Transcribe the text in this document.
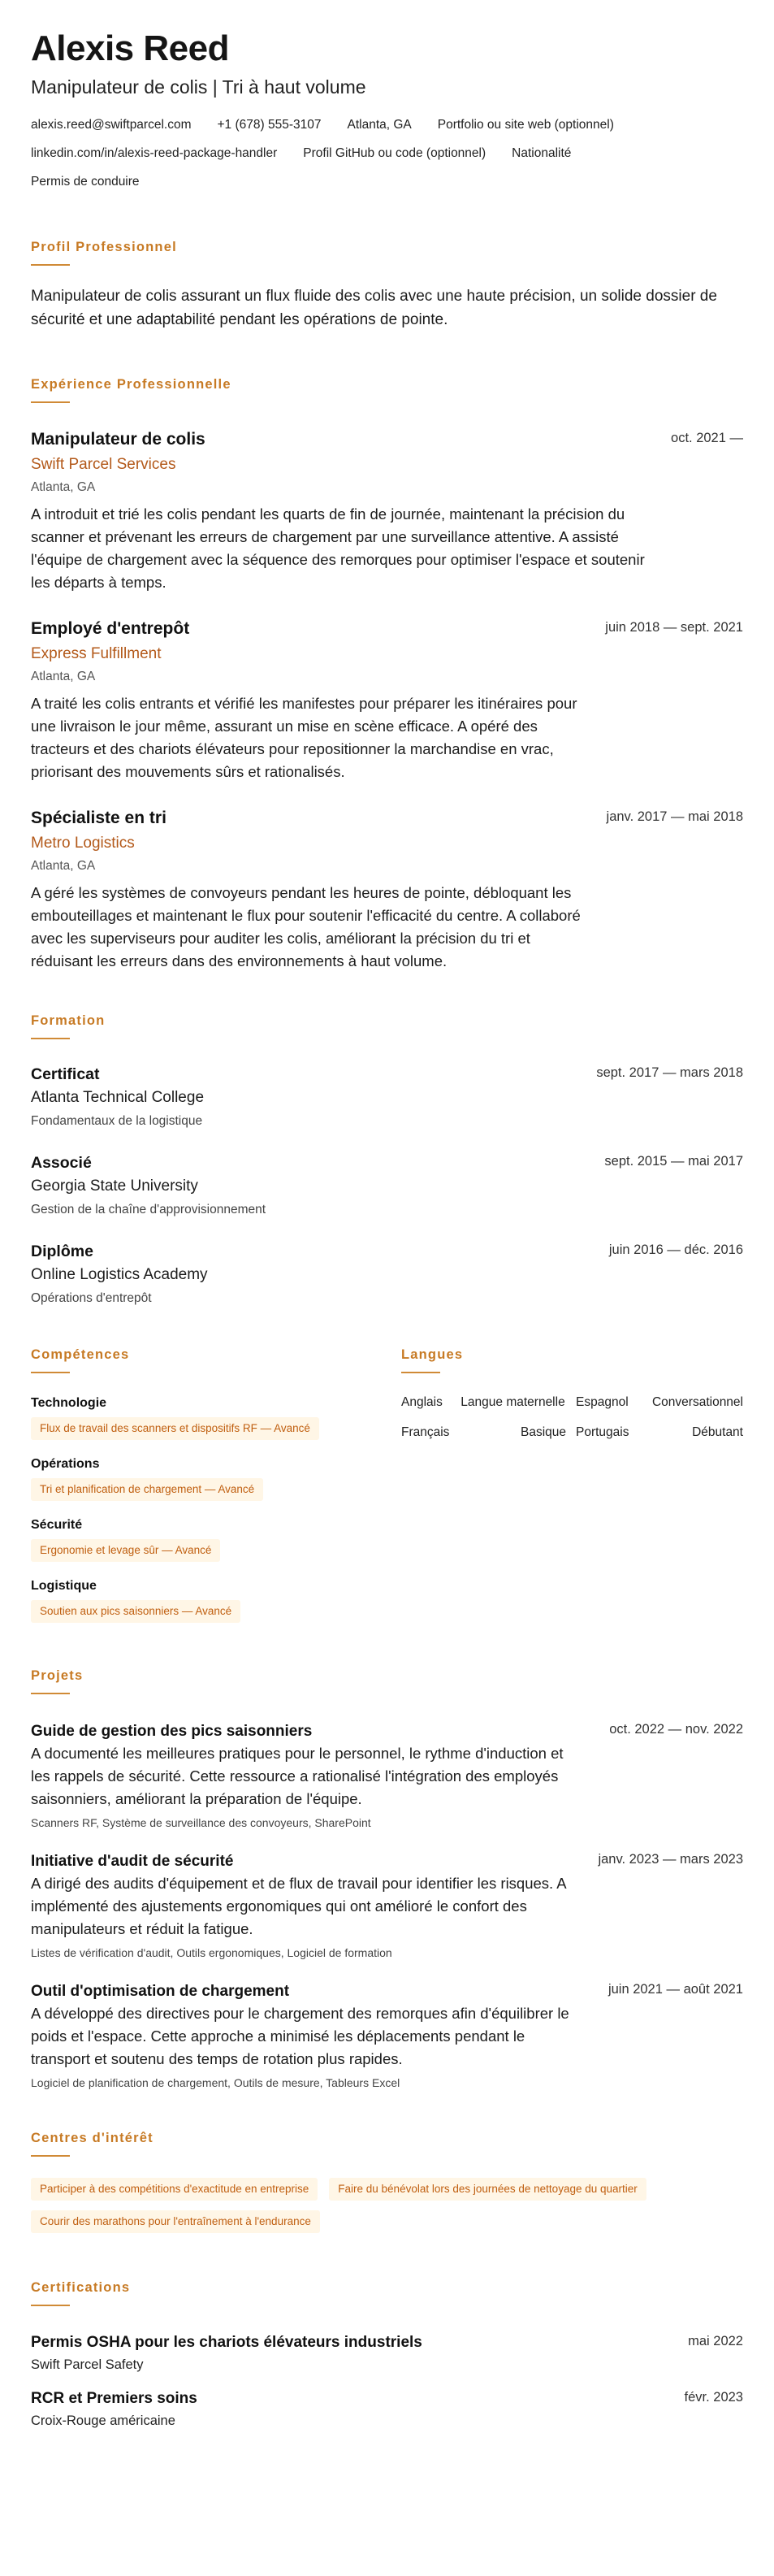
Alexis Reed
Manipulateur de colis | Tri à haut volume
alexis.reed@swiftparcel.com +1 (678) 555-3107 Atlanta, GA Portfolio ou site web (optionnel)
linkedin.com/in/alexis-reed-package-handler Profil GitHub ou code (optionnel) Nationalité
Permis de conduire
Profil Professionnel

Manipulateur de colis assurant un flux fluide des colis avec une haute précision, un solide dossier de sécurité et une adaptabilité pendant les opérations de pointe.

Expérience Professionnelle
oct. 2021 —
Manipulateur de colis
Swift Parcel Services
Atlanta, GA

A introduit et trié les colis pendant les quarts de fin de journée, maintenant la précision du scanner et prévenant les erreurs de chargement par une surveillance attentive. A assisté l'équipe de chargement avec la séquence des remorques pour optimiser l'espace et soutenir les départs à temps.

juin 2018 — sept. 2021
Employé d'entrepôt
Express Fulfillment
Atlanta, GA

A traité les colis entrants et vérifié les manifestes pour préparer les itinéraires pour une livraison le jour même, assurant un mise en scène efficace. A opéré des tracteurs et des chariots élévateurs pour repositionner la marchandise en vrac, priorisant des mouvements sûrs et rationalisés.

janv. 2017 — mai 2018
Spécialiste en tri
Metro Logistics
Atlanta, GA

A géré les systèmes de convoyeurs pendant les heures de pointe, débloquant les embouteillages et maintenant le flux pour soutenir l'efficacité du centre. A collaboré avec les superviseurs pour auditer les colis, améliorant la précision du tri et réduisant les erreurs dans des environnements à haut volume.

Formation
sept. 2017 — mars 2018
Certificat
Atlanta Technical College
Fondamentaux de la logistique
sept. 2015 — mai 2017
Associé
Georgia State University
Gestion de la chaîne d'approvisionnement
juin 2016 — déc. 2016
Diplôme
Online Logistics Academy
Opérations d'entrepôt
Compétences
Technologie
Flux de travail des scanners et dispositifs RF — Avancé
Opérations
Tri et planification de chargement — Avancé
Sécurité
Ergonomie et levage sûr — Avancé
Logistique
Soutien aux pics saisonniers — Avancé
Langues
Anglais	Langue maternelle Espagnol	Conversationnel
Français	Basique Portugais	Débutant
Projets
oct. 2022 — nov. 2022
Guide de gestion des pics saisonniers

A documenté les meilleures pratiques pour le personnel, le rythme d'induction et les rappels de sécurité. Cette ressource a rationalisé l'intégration des employés saisonniers, améliorant la préparation de l'équipe.

Scanners RF, Système de surveillance des convoyeurs, SharePoint
janv. 2023 — mars 2023
Initiative d'audit de sécurité

A dirigé des audits d'équipement et de flux de travail pour identifier les risques. A implémenté des ajustements ergonomiques qui ont amélioré le confort des manipulateurs et réduit la fatigue.

Listes de vérification d'audit, Outils ergonomiques, Logiciel de formation
juin 2021 — août 2021
Outil d'optimisation de chargement

A développé des directives pour le chargement des remorques afin d'équilibrer le poids et l'espace. Cette approche a minimisé les déplacements pendant le transport et soutenu des temps de rotation plus rapides.

Logiciel de planification de chargement, Outils de mesure, Tableurs Excel
Centres d'intérêt
Participer à des compétitions d'exactitude en entreprise	Faire du bénévolat lors des journées de nettoyage du quartier
Courir des marathons pour l'entraînement à l'endurance
Certifications
mai 2022
Permis OSHA pour les chariots élévateurs industriels
Swift Parcel Safety
févr. 2023
RCR et Premiers soins
Croix-Rouge américaine
